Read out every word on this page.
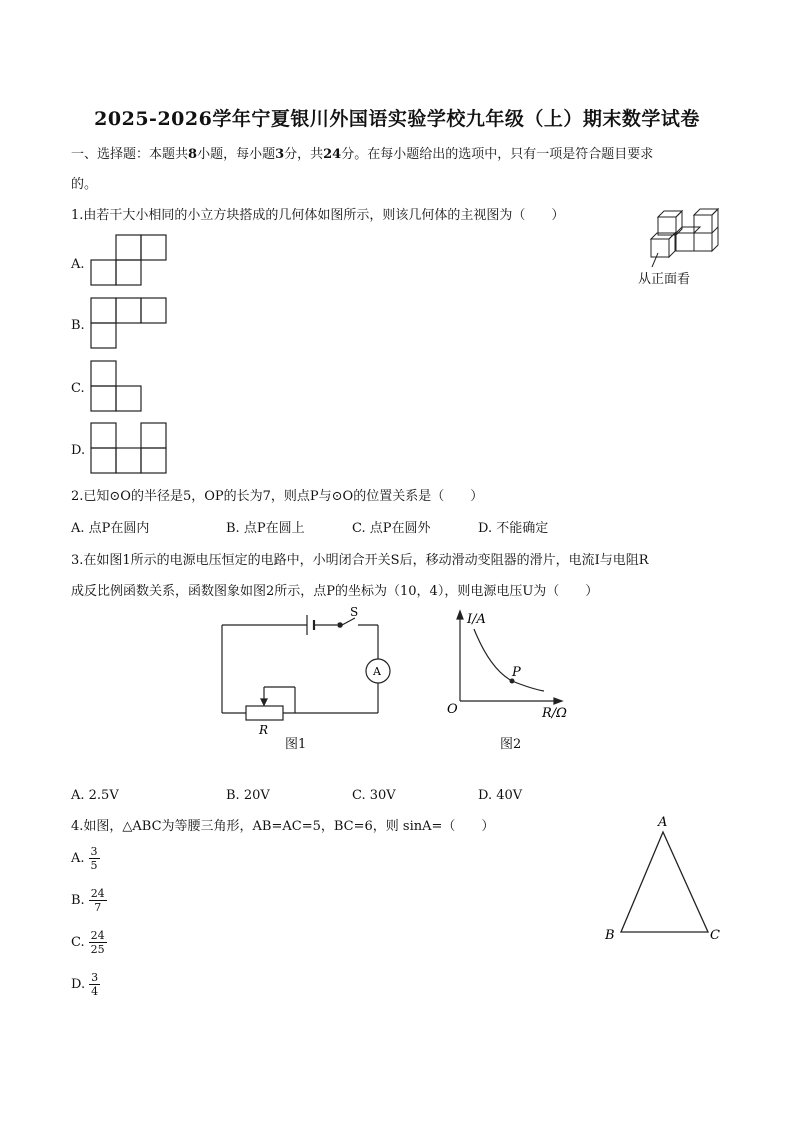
2025-2026学年宁夏银川外国语实验学校九年级（上）期末数学试卷
一、选择题：本题共8小题，每小题3分，共24分。在每小题给出的选项中，只有一项是符合题目要求
的。
1.由若干大小相同的小立方块搭成的几何体如图所示，则该几何体的主视图为（　　）
从正面看
A.
B.
C.
D.
2.已知⊙O的半径是5，OP的长为7，则点P与⊙O的位置关系是（　　）
A. 点P在圆内	B. 点P在圆上	C. 点P在圆外	D. 不能确定
3.在如图1所示的电源电压恒定的电路中，小明闭合开关S后，移动滑动变阻器的滑片，电流I与电阻R
成反比例函数关系，函数图象如图2所示，点P的坐标为（10，4），则电源电压U为（　　）
S
A
R
图1
I/A
R/Ω
O
P
图2
A. 2.5V	B. 20V	C. 30V	D. 40V
4.如图，△ABC为等腰三角形，AB=AC=5，BC=6，则 sinA=（　　）
A. $\frac{3}{5}$
B. $\frac{24}{7}$
C. $\frac{24}{25}$
D. $\frac{3}{4}$
A
B	C
